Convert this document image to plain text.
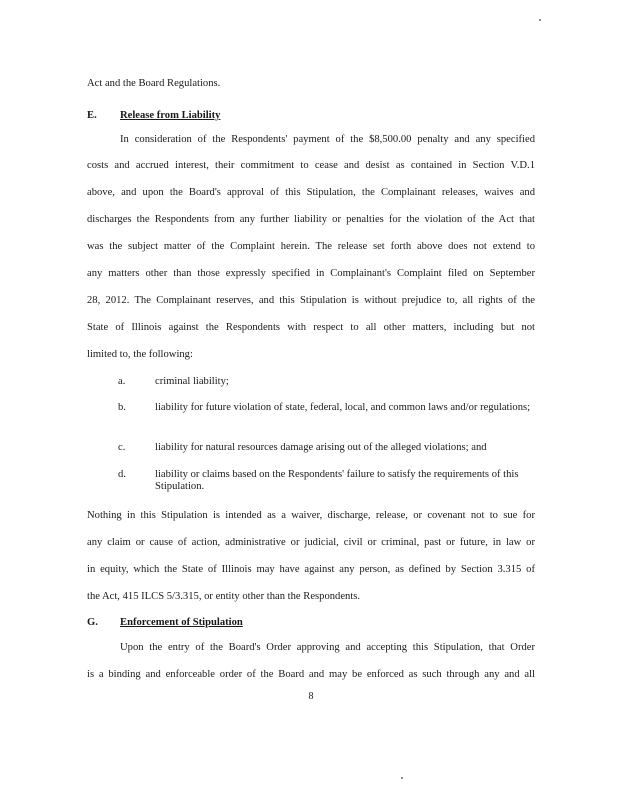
Act and the Board Regulations.
E. Release from Liability
In consideration of the Respondents' payment of the $8,500.00 penalty and any specified
costs and accrued interest, their commitment to cease and desist as contained in Section V.D.1
above, and upon the Board's approval of this Stipulation, the Complainant releases, waives and
discharges the Respondents from any further liability or penalties for the violation of the Act that
was the subject matter of the Complaint herein. The release set forth above does not extend to
any matters other than those expressly specified in Complainant's Complaint filed on September
28, 2012. The Complainant reserves, and this Stipulation is without prejudice to, all rights of the
State of Illinois against the Respondents with respect to all other matters, including but not
limited to, the following:
a.	criminal liability;
b.	liability for future violation of state, federal, local, and common laws and/or regulations;
c.	liability for natural resources damage arising out of the alleged violations; and
d.	liability or claims based on the Respondents' failure to satisfy the requirements of this Stipulation.
Nothing in this Stipulation is intended as a waiver, discharge, release, or covenant not to sue for
any claim or cause of action, administrative or judicial, civil or criminal, past or future, in law or
in equity, which the State of Illinois may have against any person, as defined by Section 3.315 of
the Act, 415 ILCS 5/3.315, or entity other than the Respondents.
G. Enforcement of Stipulation
Upon the entry of the Board's Order approving and accepting this Stipulation, that Order
is a binding and enforceable order of the Board and may be enforced as such through any and all
8
